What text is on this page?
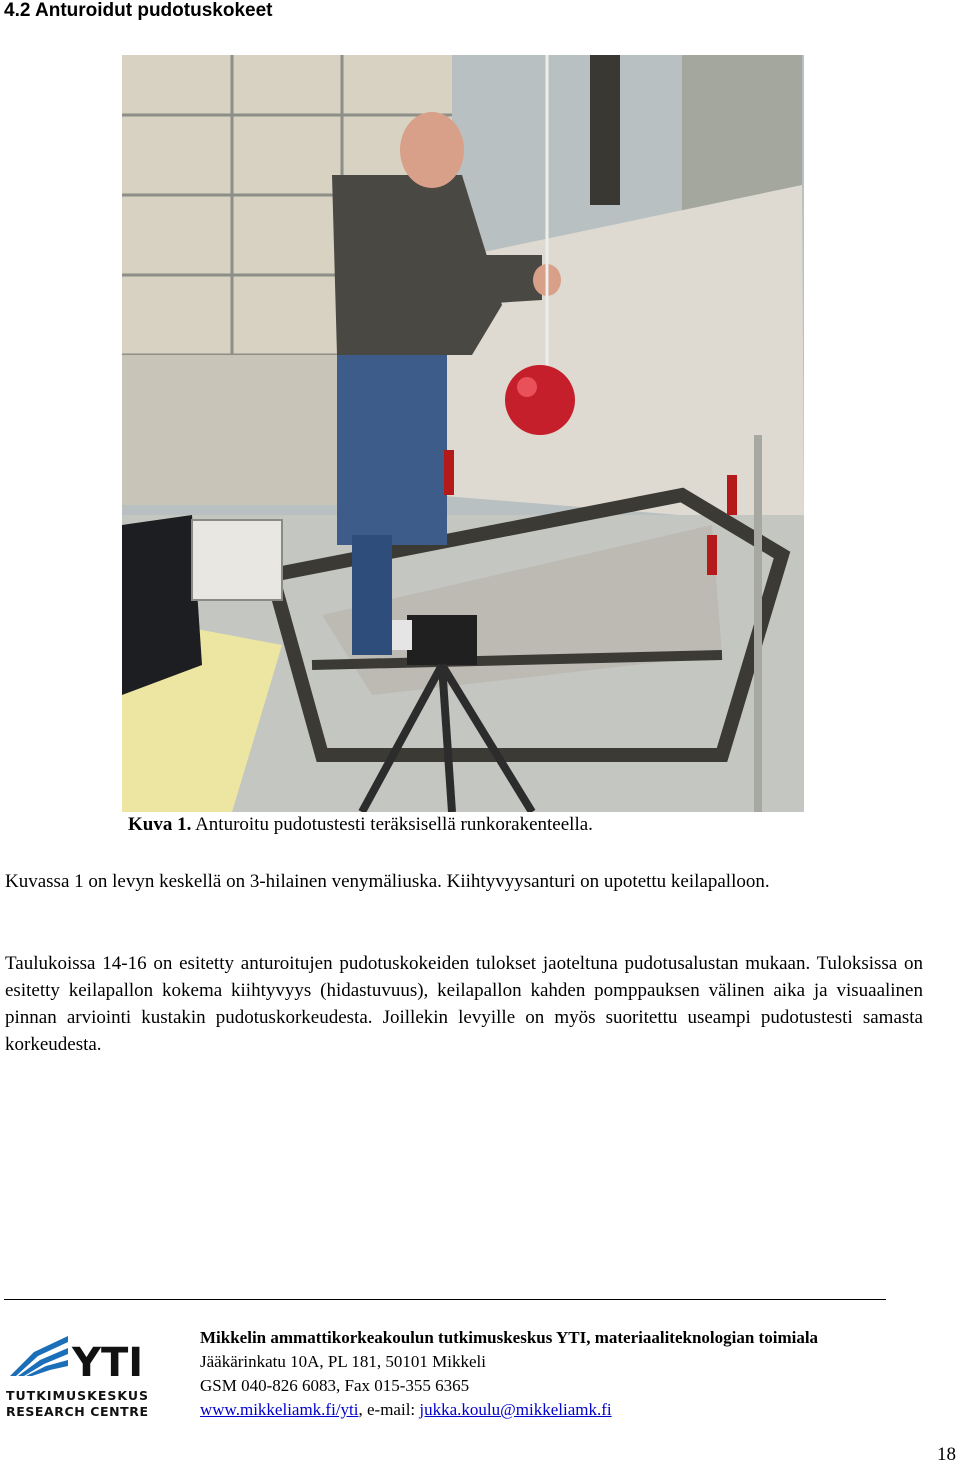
4.2 Anturoidut pudotuskokeet
Kuva 1. Anturoitu pudotustesti teräksisellä runkorakenteella.
Kuvassa 1 on levyn keskellä on 3-hilainen venymäliuska. Kiihtyvyysanturi on upotettu keilapalloon.
Taulukoissa 14-16 on esitetty anturoitujen pudotuskokeiden tulokset jaoteltuna pudotusalustan mukaan. Tuloksissa on esitetty keilapallon kokema kiihtyvyys (hidastuvuus), keilapallon kahden pomppauksen välinen aika ja visuaalinen pinnan arviointi kustakin pudotuskorkeudesta. Joillekin levyille on myös suoritettu useampi pudotustesti samasta korkeudesta.
YTI
TUTKIMUSKESKUS
RESEARCH CENTRE
Mikkelin ammattikorkeakoulun tutkimuskeskus YTI, materiaaliteknologian toimiala
Jääkärinkatu 10A, PL 181, 50101 Mikkeli
GSM 040-826 6083, Fax 015-355 6365
www.mikkeliamk.fi/yti, e-mail: jukka.koulu@mikkeliamk.fi
18
